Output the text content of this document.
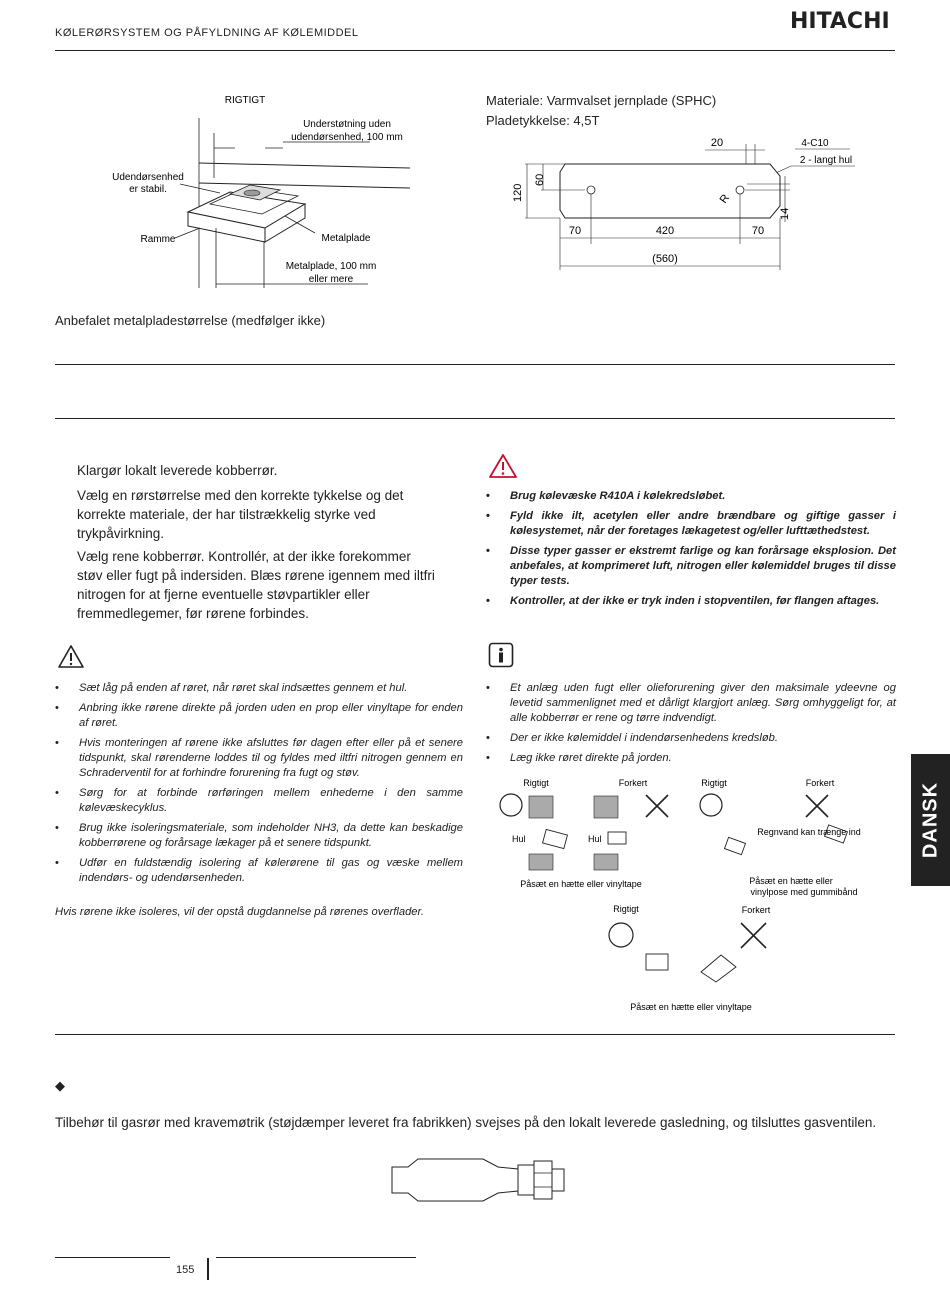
KØLERØRSYSTEM OG PÅFYLDNING AF KØLEMIDDEL	HITACHI
RIGTIGT
Understøtning uden
udendørsenhed, 100 mm
Udendørsenhed
er stabil.
Ramme	Metalplade
Metalplade, 100 mm
eller mere
Materiale: Varmvalset jernplade (SPHC)
Pladetykkelse: 4,5T
20	4-C10
2 - langt hul
R
14
60
120
70	420	70
(560)
Anbefalet metalpladestørrelse (medfølger ikke)
Klargør lokalt leverede kobberrør.
Vælg en rørstørrelse med den korrekte tykkelse og det korrekte materiale, der har tilstrækkelig styrke ved trykpåvirkning.
Vælg rene kobberrør. Kontrollér, at der ikke forekommer støv eller fugt på indersiden. Blæs rørene igennem med iltfri nitrogen for at fjerne eventuelle støvpartikler eller fremmedlegemer, før rørene forbindes.
• Sæt låg på enden af røret, når røret skal indsættes gennem et hul.
• Anbring ikke rørene direkte på jorden uden en prop eller vinyltape for enden af røret.
• Hvis monteringen af rørene ikke afsluttes før dagen efter eller på et senere tidspunkt, skal rørenderne loddes til og fyldes med iltfri nitrogen gennem en Schraderventil for at forhindre forurening fra fugt og støv.
• Sørg for at forbinde rørføringen mellem enhederne i den samme kølevæskecyklus.
• Brug ikke isoleringsmateriale, som indeholder NH3, da dette kan beskadige kobberrørene og forårsage lækager på et senere tidspunkt.
• Udfør en fuldstændig isolering af kølerørene til gas og væske mellem indendørs- og udendørsenheden.
Hvis rørene ikke isoleres, vil der opstå dugdannelse på rørenes overflader.
• Brug kølevæske R410A i kølekredsløbet.
• Fyld ikke ilt, acetylen eller andre brændbare og giftige gasser i kølesystemet, når der foretages lækagetest og/eller lufttæthedstest.
• Disse typer gasser er ekstremt farlige og kan forårsage eksplosion. Det anbefales, at komprimeret luft, nitrogen eller kølemiddel bruges til disse typer tests.
• Kontroller, at der ikke er tryk inden i stopventilen, før flangen aftages.
• Et anlæg uden fugt eller olieforurening giver den maksimale ydeevne og levetid sammenlignet med et dårligt klargjort anlæg. Sørg omhyggeligt for, at alle kobberrør er rene og tørre indvendigt.
• Der er ikke kølemiddel i indendørsenhedens kredsløb.
• Læg ikke røret direkte på jorden.
Rigtigt	Forkert	Rigtigt	Forkert
Hul	Hul
Regnvand kan trænge ind
Påsæt en hætte eller vinyltape	Påsæt en hætte eller
vinylpose med gummibånd
Rigtigt	Forkert
Påsæt en hætte eller vinyltape
◆
Tilbehør til gasrør med kravemøtrik (støjdæmper leveret fra fabrikken) svejses på den lokalt leverede gasledning, og tilsluttes gasventilen.
DANSK
155
